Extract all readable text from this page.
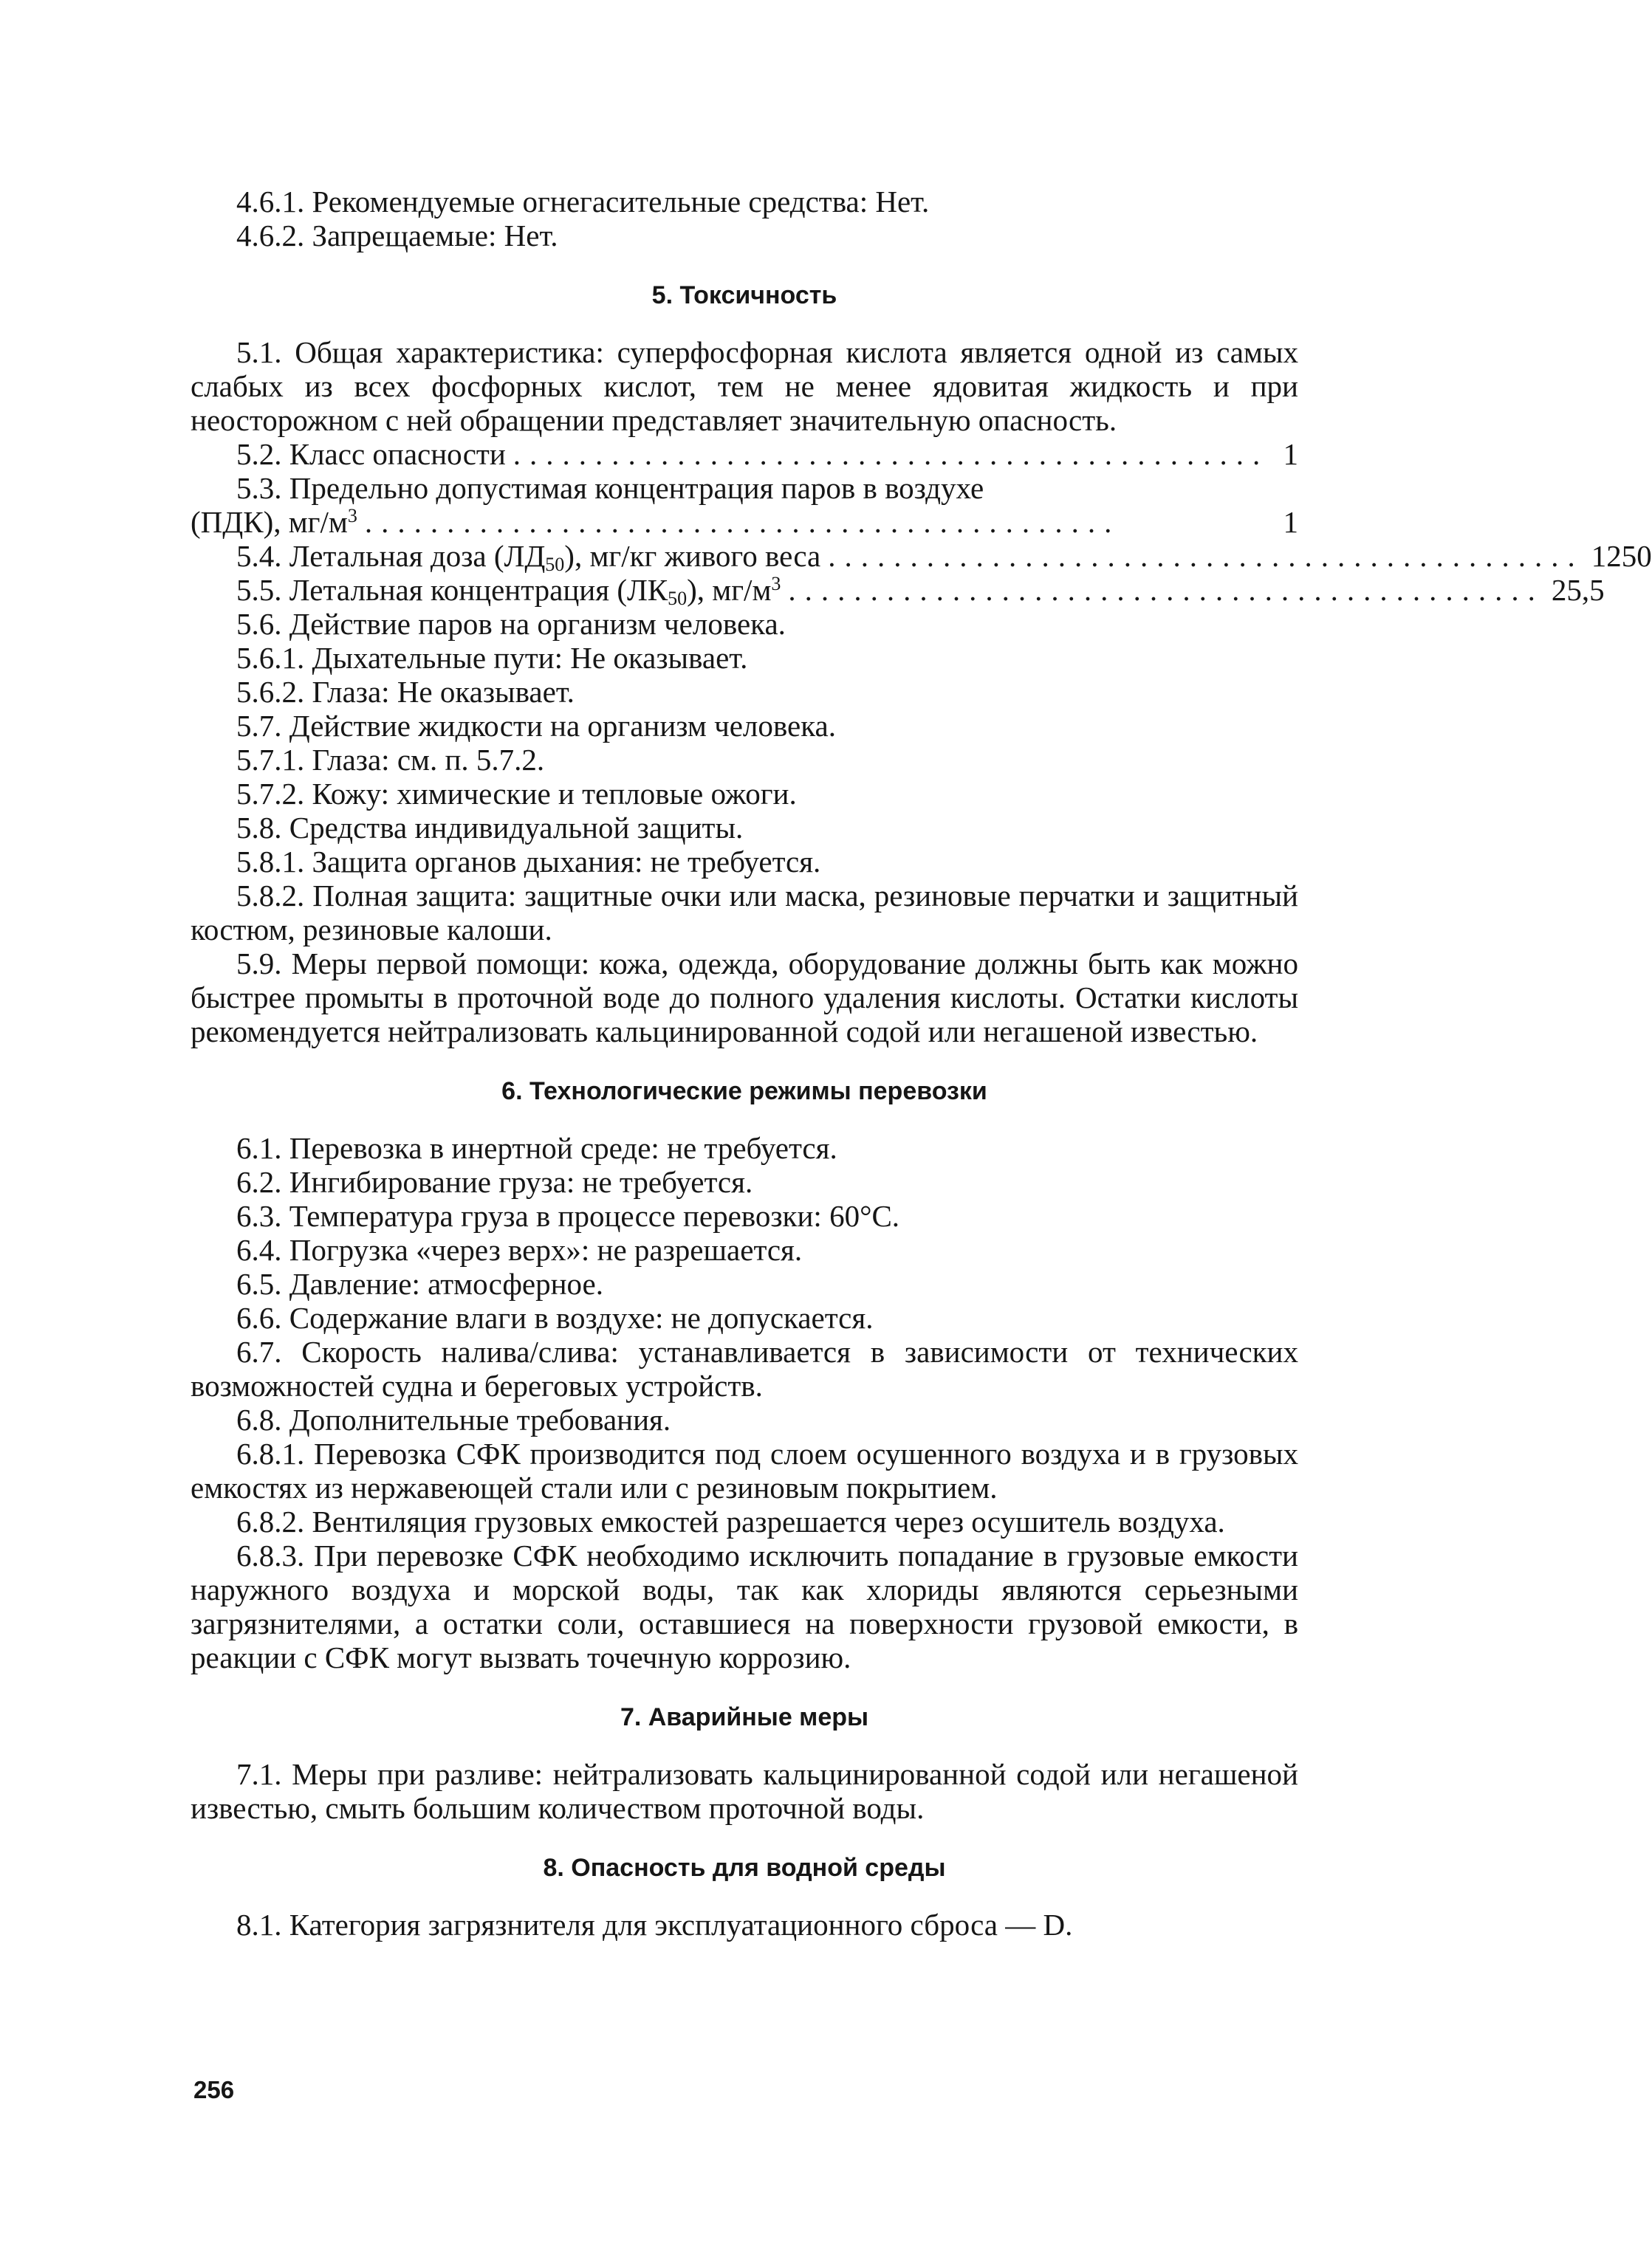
4.6.1. Рекомендуемые огнегасительные средства: Нет.

4.6.2. Запрещаемые: Нет.

5. Токсичность

5.1. Общая характеристика: суперфосфорная кислота является одной из самых слабых из всех фосфорных кислот, тем не менее ядовитая жидкость и при неосторожном с ней обращении представляет значительную опасность.

5.2. Класс опасности .............................................. 1

5.3. Предельно допустимая концентрация паров в воздухе

(ПДК), $мг/м^3$ ..............................................	1
5.4. Летальная доза $(ЛД_{50})$, мг/кг живого веса .............................................. 1250
5.5. Летальная концентрация $(ЛК_{50})$, $мг/м^3$ .............................................. 25,5

5.6. Действие паров на организм человека.

5.6.1. Дыхательные пути: Не оказывает.

5.6.2. Глаза: Не оказывает.

5.7. Действие жидкости на организм человека.

5.7.1. Глаза: см. п. 5.7.2.

5.7.2. Кожу: химические и тепловые ожоги.

5.8. Средства индивидуальной защиты.

5.8.1. Защита органов дыхания: не требуется.

5.8.2. Полная защита: защитные очки или маска, резиновые перчатки и защитный костюм, резиновые калоши.

5.9. Меры первой помощи: кожа, одежда, оборудование должны быть как можно быстрее промыты в проточной воде до полного удаления кислоты. Остатки кислоты рекомендуется нейтрализовать кальцинированной содой или негашеной известью.

6. Технологические режимы перевозки

6.1. Перевозка в инертной среде: не требуется.

6.2. Ингибирование груза: не требуется.

6.3. Температура груза в процессе перевозки: 60°С.

6.4. Погрузка «через верх»: не разрешается.

6.5. Давление: атмосферное.

6.6. Содержание влаги в воздухе: не допускается.

6.7. Скорость налива/слива: устанавливается в зависимости от технических возможностей судна и береговых устройств.

6.8. Дополнительные требования.

6.8.1. Перевозка СФК производится под слоем осушенного воздуха и в грузовых емкостях из нержавеющей стали или с резиновым покрытием.

6.8.2. Вентиляция грузовых емкостей разрешается через осушитель воздуха.

6.8.3. При перевозке СФК необходимо исключить попадание в грузовые емкости наружного воздуха и морской воды, так как хлориды являются серьезными загрязнителями, а остатки соли, оставшиеся на поверхности грузовой емкости, в реакции с СФК могут вызвать точечную коррозию.

7. Аварийные меры

7.1. Меры при разливе: нейтрализовать кальцинированной содой или негашеной известью, смыть большим количеством проточной воды.

8. Опасность для водной среды

8.1. Категория загрязнителя для эксплуатационного сброса — D.

256
